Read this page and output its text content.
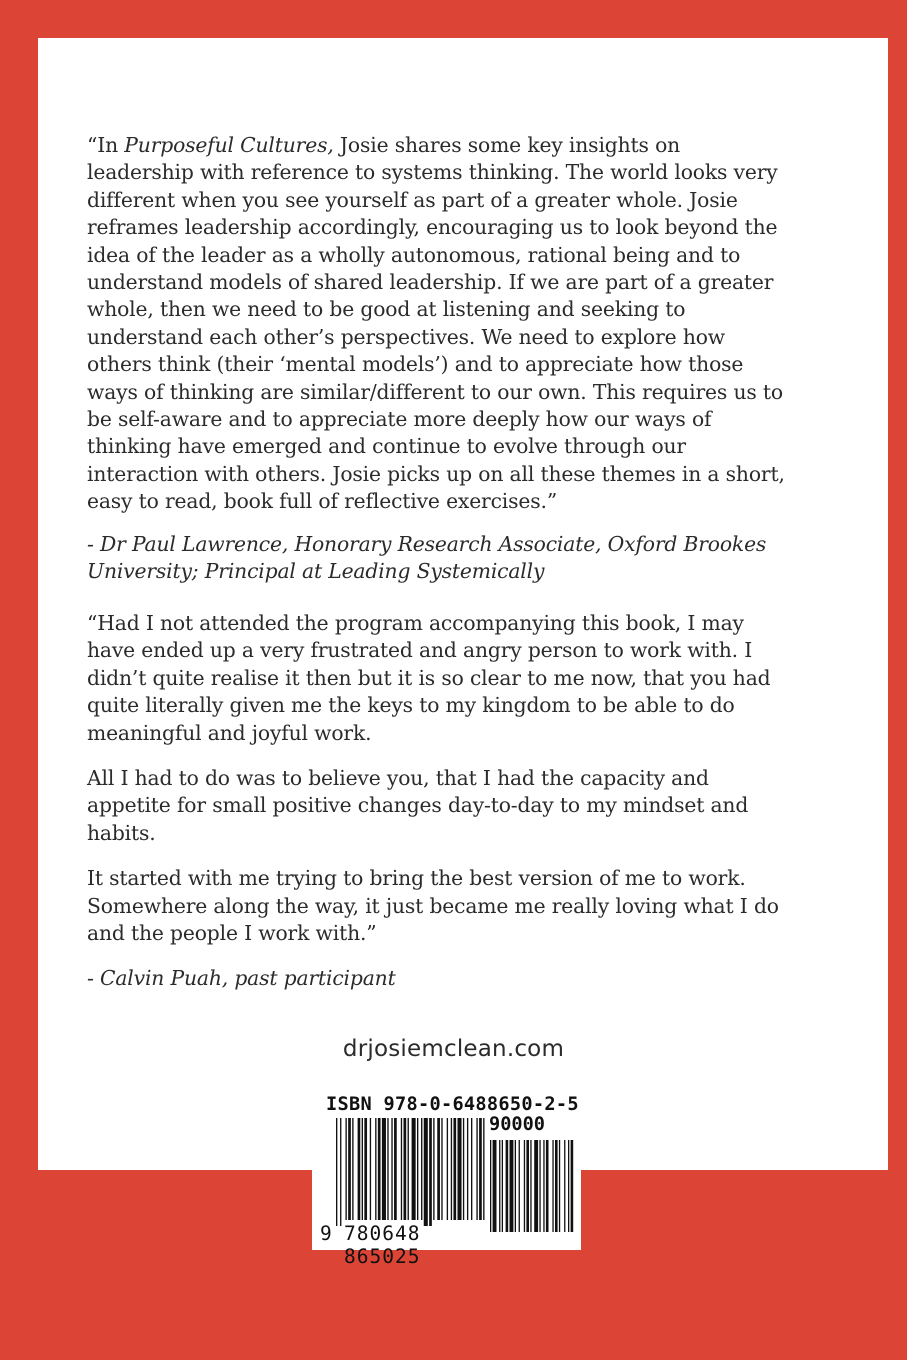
“In Purposeful Cultures, Josie shares some key insights on leadership with reference to systems thinking. The world looks very different when you see yourself as part of a greater whole. Josie reframes leadership accordingly, encouraging us to look beyond the idea of the leader as a wholly autonomous, rational being and to understand models of shared leadership. If we are part of a greater whole, then we need to be good at listening and seeking to understand each other’s perspectives. We need to explore how others think (their ‘mental models’) and to appreciate how those ways of thinking are similar/different to our own. This requires us to be self-aware and to appreciate more deeply how our ways of thinking have emerged and continue to evolve through our interaction with others. Josie picks up on all these themes in a short, easy to read, book full of reflective exercises.”

- Dr Paul Lawrence, Honorary Research Associate, Oxford Brookes University; Principal at Leading Systemically

“Had I not attended the program accompanying this book, I may have ended up a very frustrated and angry person to work with. I didn’t quite realise it then but it is so clear to me now, that you had quite literally given me the keys to my kingdom to be able to do meaningful and joyful work.

All I had to do was to believe you, that I had the capacity and appetite for small positive changes day-to-day to my mindset and habits.

It started with me trying to bring the best version of me to work. Somewhere along the way, it just became me really loving what I do and the people I work with.”

- Calvin Puah, past participant

drjosiemclean.com
ISBN 978-0-6488650-2-5
90000
9 780648 865025
